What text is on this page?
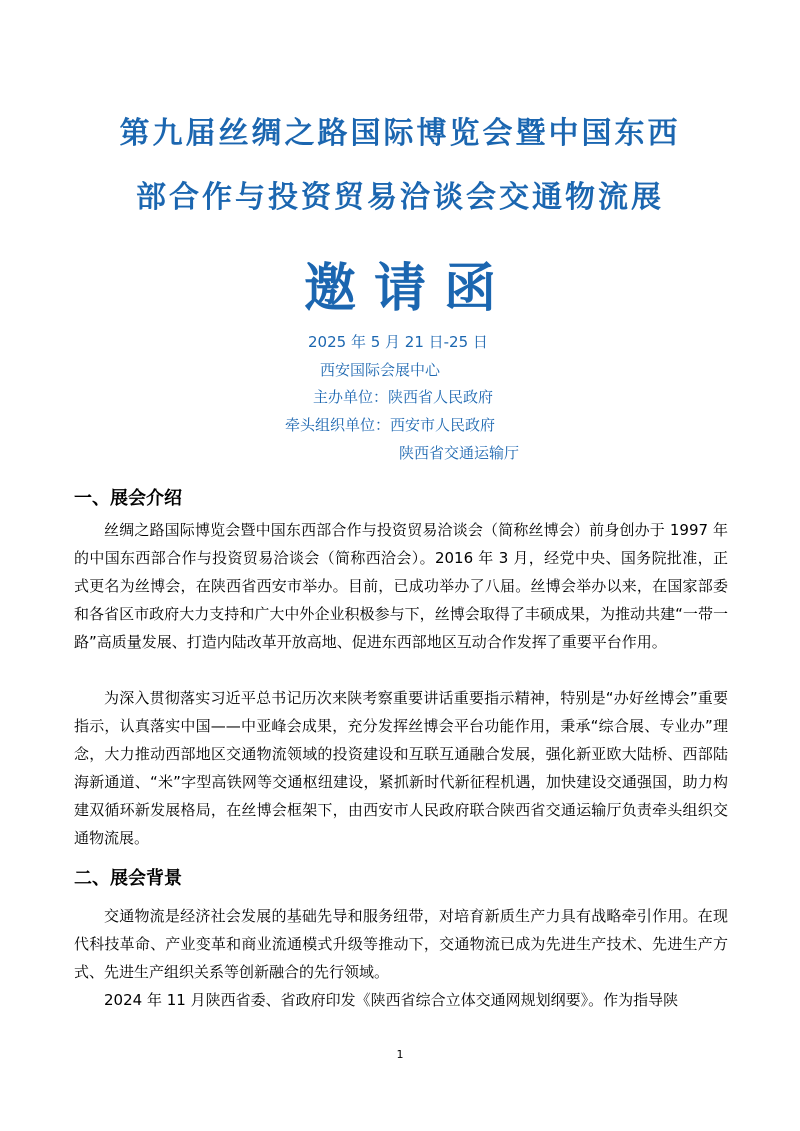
第九届丝绸之路国际博览会暨中国东西
部合作与投资贸易洽谈会交通物流展
邀请函
2025 年 5 月 21 日-25 日
西安国际会展中心
主办单位：陕西省人民政府
牵头组织单位：西安市人民政府
陕西省交通运输厅
一、展会介绍

丝绸之路国际博览会暨中国东西部合作与投资贸易洽谈会（简称丝博会）前身创办于 1997 年的中国东西部合作与投资贸易洽谈会（简称西洽会）。2016 年 3 月，经党中央、国务院批准，正式更名为丝博会，在陕西省西安市举办。目前，已成功举办了八届。丝博会举办以来，在国家部委和各省区市政府大力支持和广大中外企业积极参与下，丝博会取得了丰硕成果，为推动共建“一带一路”高质量发展、打造内陆改革开放高地、促进东西部地区互动合作发挥了重要平台作用。

为深入贯彻落实习近平总书记历次来陕考察重要讲话重要指示精神，特别是“办好丝博会”重要指示，认真落实中国——中亚峰会成果，充分发挥丝博会平台功能作用，秉承“综合展、专业办”理念，大力推动西部地区交通物流领域的投资建设和互联互通融合发展，强化新亚欧大陆桥、西部陆海新通道、“米”字型高铁网等交通枢纽建设，紧抓新时代新征程机遇，加快建设交通强国，助力构建双循环新发展格局，在丝博会框架下，由西安市人民政府联合陕西省交通运输厅负责牵头组织交通物流展。

二、展会背景

交通物流是经济社会发展的基础先导和服务纽带，对培育新质生产力具有战略牵引作用。在现代科技革命、产业变革和商业流通模式升级等推动下，交通物流已成为先进生产技术、先进生产方式、先进生产组织关系等创新融合的先行领域。

2024 年 11 月陕西省委、省政府印发《陕西省综合立体交通网规划纲要》。作为指导陕

1
